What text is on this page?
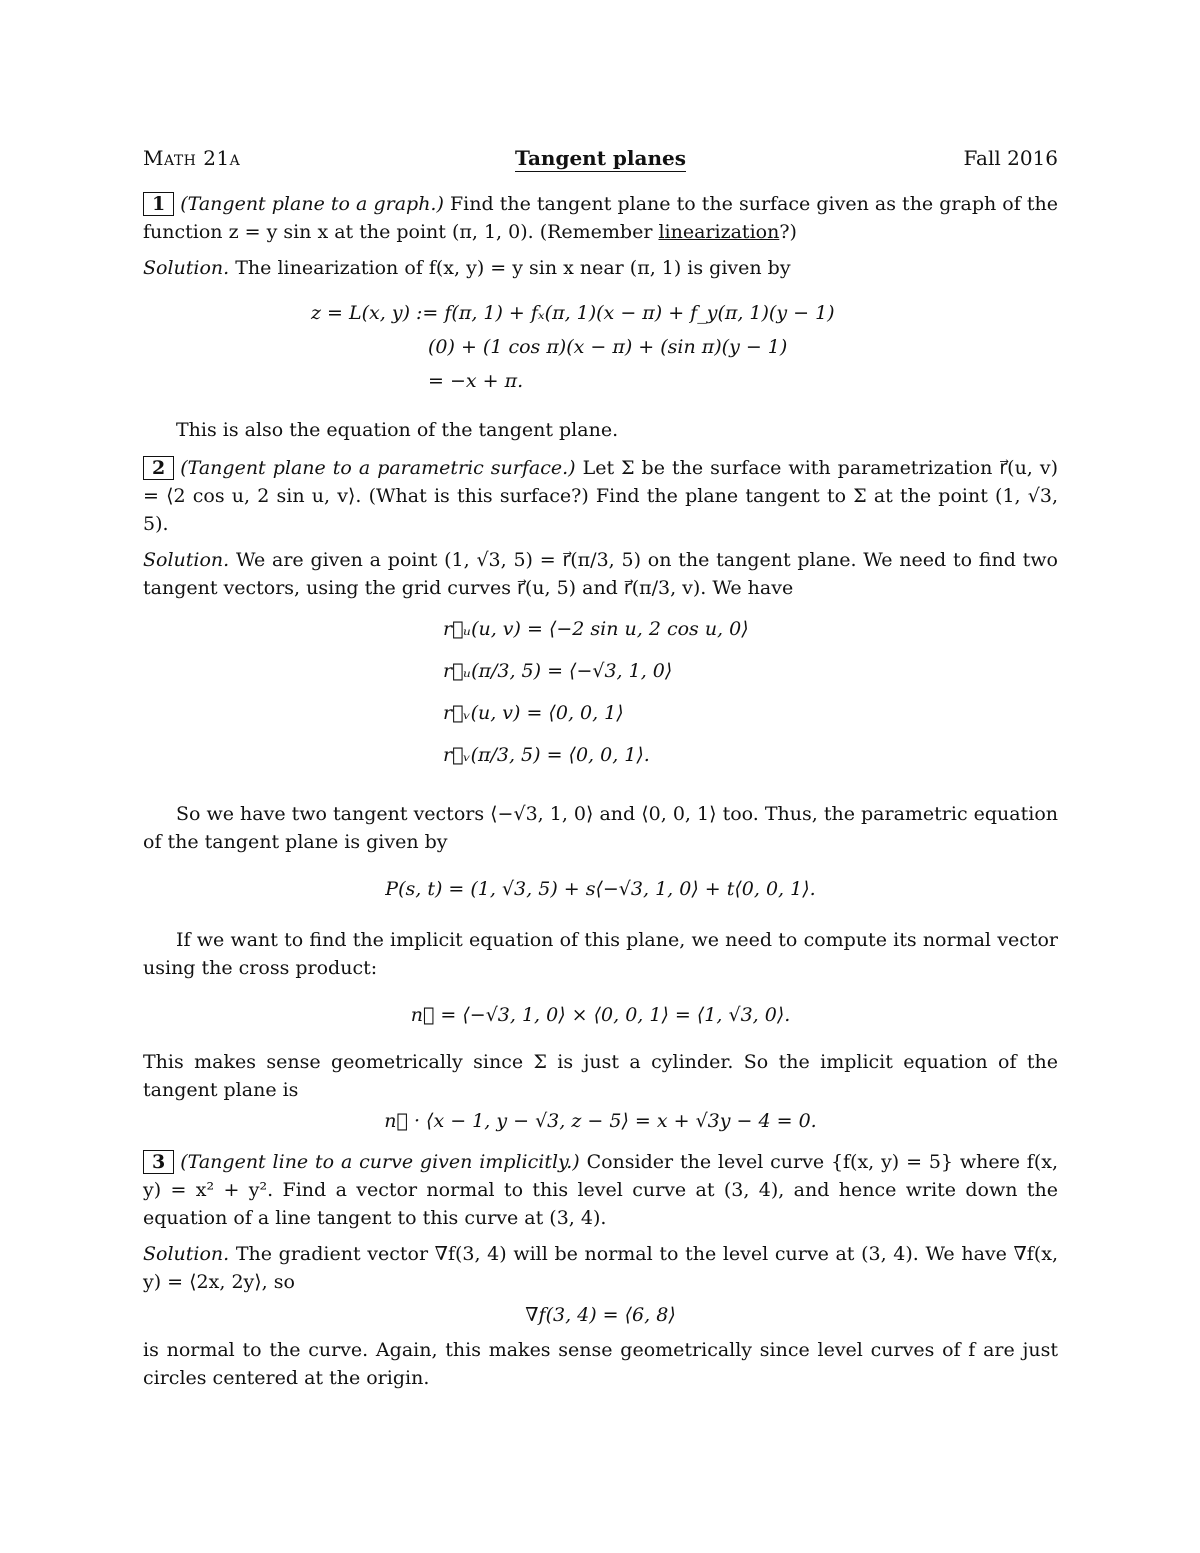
Math 21a	Tangent planes	Fall 2016
1 (Tangent plane to a graph.) Find the tangent plane to the surface given as the graph of the function z = y sin x at the point (π, 1, 0). (Remember linearization?)
Solution. The linearization of f(x, y) = y sin x near (π, 1) is given by
z = L(x, y) := f(π, 1) + fₓ(π, 1)(x − π) + f_y(π, 1)(y − 1)
(0) + (1 cos π)(x − π) + (sin π)(y − 1)
= −x + π.
This is also the equation of the tangent plane.
2 (Tangent plane to a parametric surface.) Let Σ be the surface with parametrization r⃗(u, v) = ⟨2 cos u, 2 sin u, v⟩. (What is this surface?) Find the plane tangent to Σ at the point (1, √3, 5).
Solution. We are given a point (1, √3, 5) = r⃗(π/3, 5) on the tangent plane. We need to find two tangent vectors, using the grid curves r⃗(u, 5) and r⃗(π/3, v). We have
r⃗ᵤ(u, v) = ⟨−2 sin u, 2 cos u, 0⟩
r⃗ᵤ(π/3, 5) = ⟨−√3, 1, 0⟩
r⃗ᵥ(u, v) = ⟨0, 0, 1⟩
r⃗ᵥ(π/3, 5) = ⟨0, 0, 1⟩.
So we have two tangent vectors ⟨−√3, 1, 0⟩ and ⟨0, 0, 1⟩ too. Thus, the parametric equation of the tangent plane is given by
P(s, t) = (1, √3, 5) + s⟨−√3, 1, 0⟩ + t⟨0, 0, 1⟩.
If we want to find the implicit equation of this plane, we need to compute its normal vector using the cross product:
n⃗ = ⟨−√3, 1, 0⟩ × ⟨0, 0, 1⟩ = ⟨1, √3, 0⟩.
This makes sense geometrically since Σ is just a cylinder. So the implicit equation of the tangent plane is
n⃗ · ⟨x − 1, y − √3, z − 5⟩ = x + √3y − 4 = 0.
3 (Tangent line to a curve given implicitly.) Consider the level curve {f(x, y) = 5} where f(x, y) = x² + y². Find a vector normal to this level curve at (3, 4), and hence write down the equation of a line tangent to this curve at (3, 4).
Solution. The gradient vector ∇f(3, 4) will be normal to the level curve at (3, 4). We have ∇f(x, y) = ⟨2x, 2y⟩, so
∇f(3, 4) = ⟨6, 8⟩
is normal to the curve. Again, this makes sense geometrically since level curves of f are just circles centered at the origin.
